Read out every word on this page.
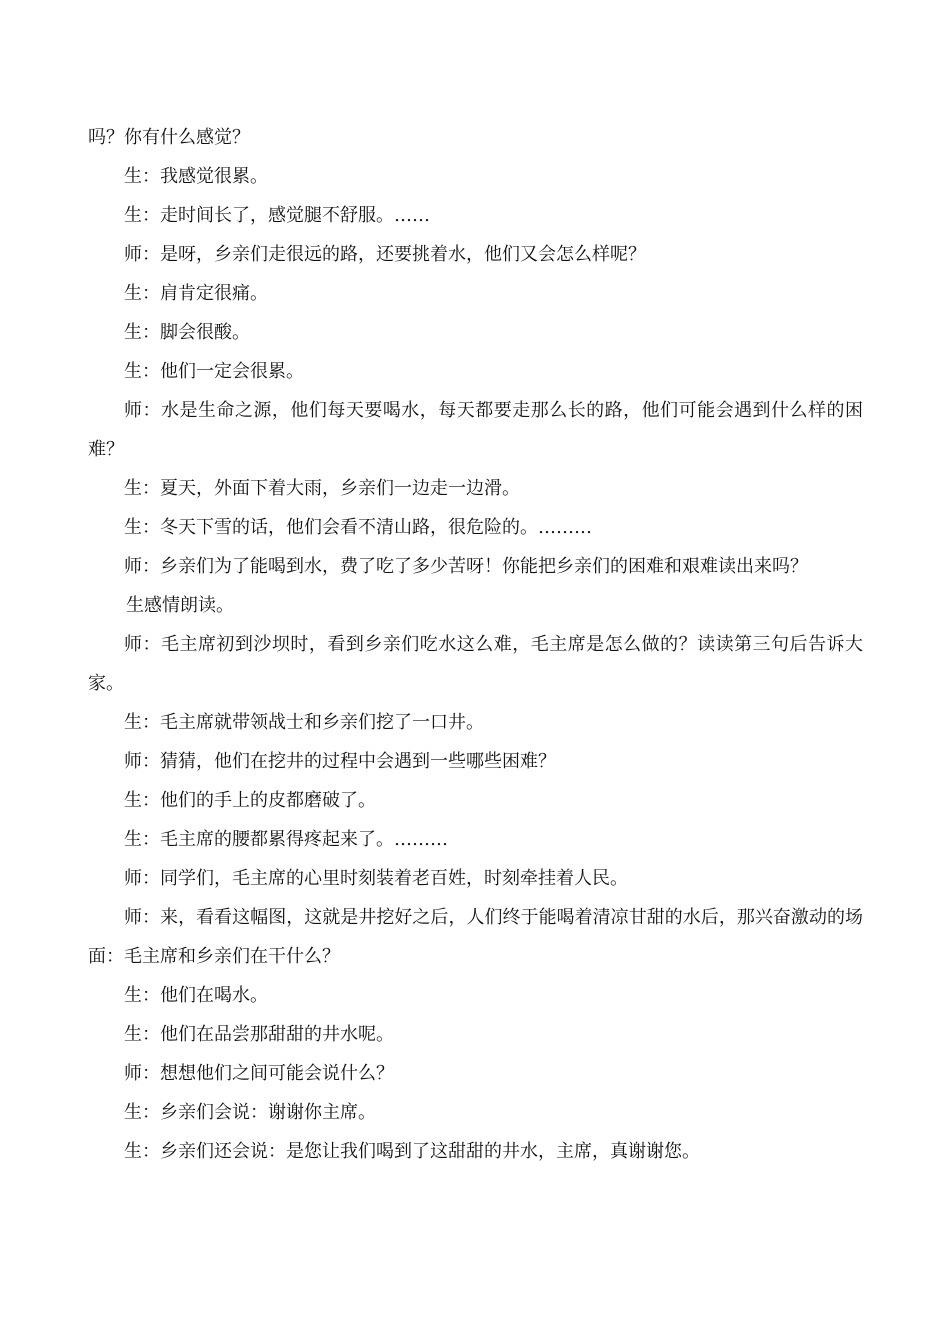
吗？你有什么感觉？

生：我感觉很累。

生：走时间长了，感觉腿不舒服。……

师：是呀，乡亲们走很远的路，还要挑着水，他们又会怎么样呢？

生：肩肯定很痛。

生：脚会很酸。

生：他们一定会很累。

师：水是生命之源，他们每天要喝水，每天都要走那么长的路，他们可能会遇到什么样的困难？

生：夏天，外面下着大雨，乡亲们一边走一边滑。

生：冬天下雪的话，他们会看不清山路，很危险的。………

师：乡亲们为了能喝到水，费了吃了多少苦呀！你能把乡亲们的困难和艰难读出来吗？

生感情朗读。

师：毛主席初到沙坝时，看到乡亲们吃水这么难，毛主席是怎么做的？读读第三句后告诉大家。

生：毛主席就带领战士和乡亲们挖了一口井。

师：猜猜，他们在挖井的过程中会遇到一些哪些困难？

生：他们的手上的皮都磨破了。

生：毛主席的腰都累得疼起来了。………

师：同学们，毛主席的心里时刻装着老百姓，时刻牵挂着人民。

师：来，看看这幅图，这就是井挖好之后，人们终于能喝着清凉甘甜的水后，那兴奋激动的场面：毛主席和乡亲们在干什么？

生：他们在喝水。

生：他们在品尝那甜甜的井水呢。

师：想想他们之间可能会说什么？

生：乡亲们会说：谢谢你主席。

生：乡亲们还会说：是您让我们喝到了这甜甜的井水，主席，真谢谢您。
